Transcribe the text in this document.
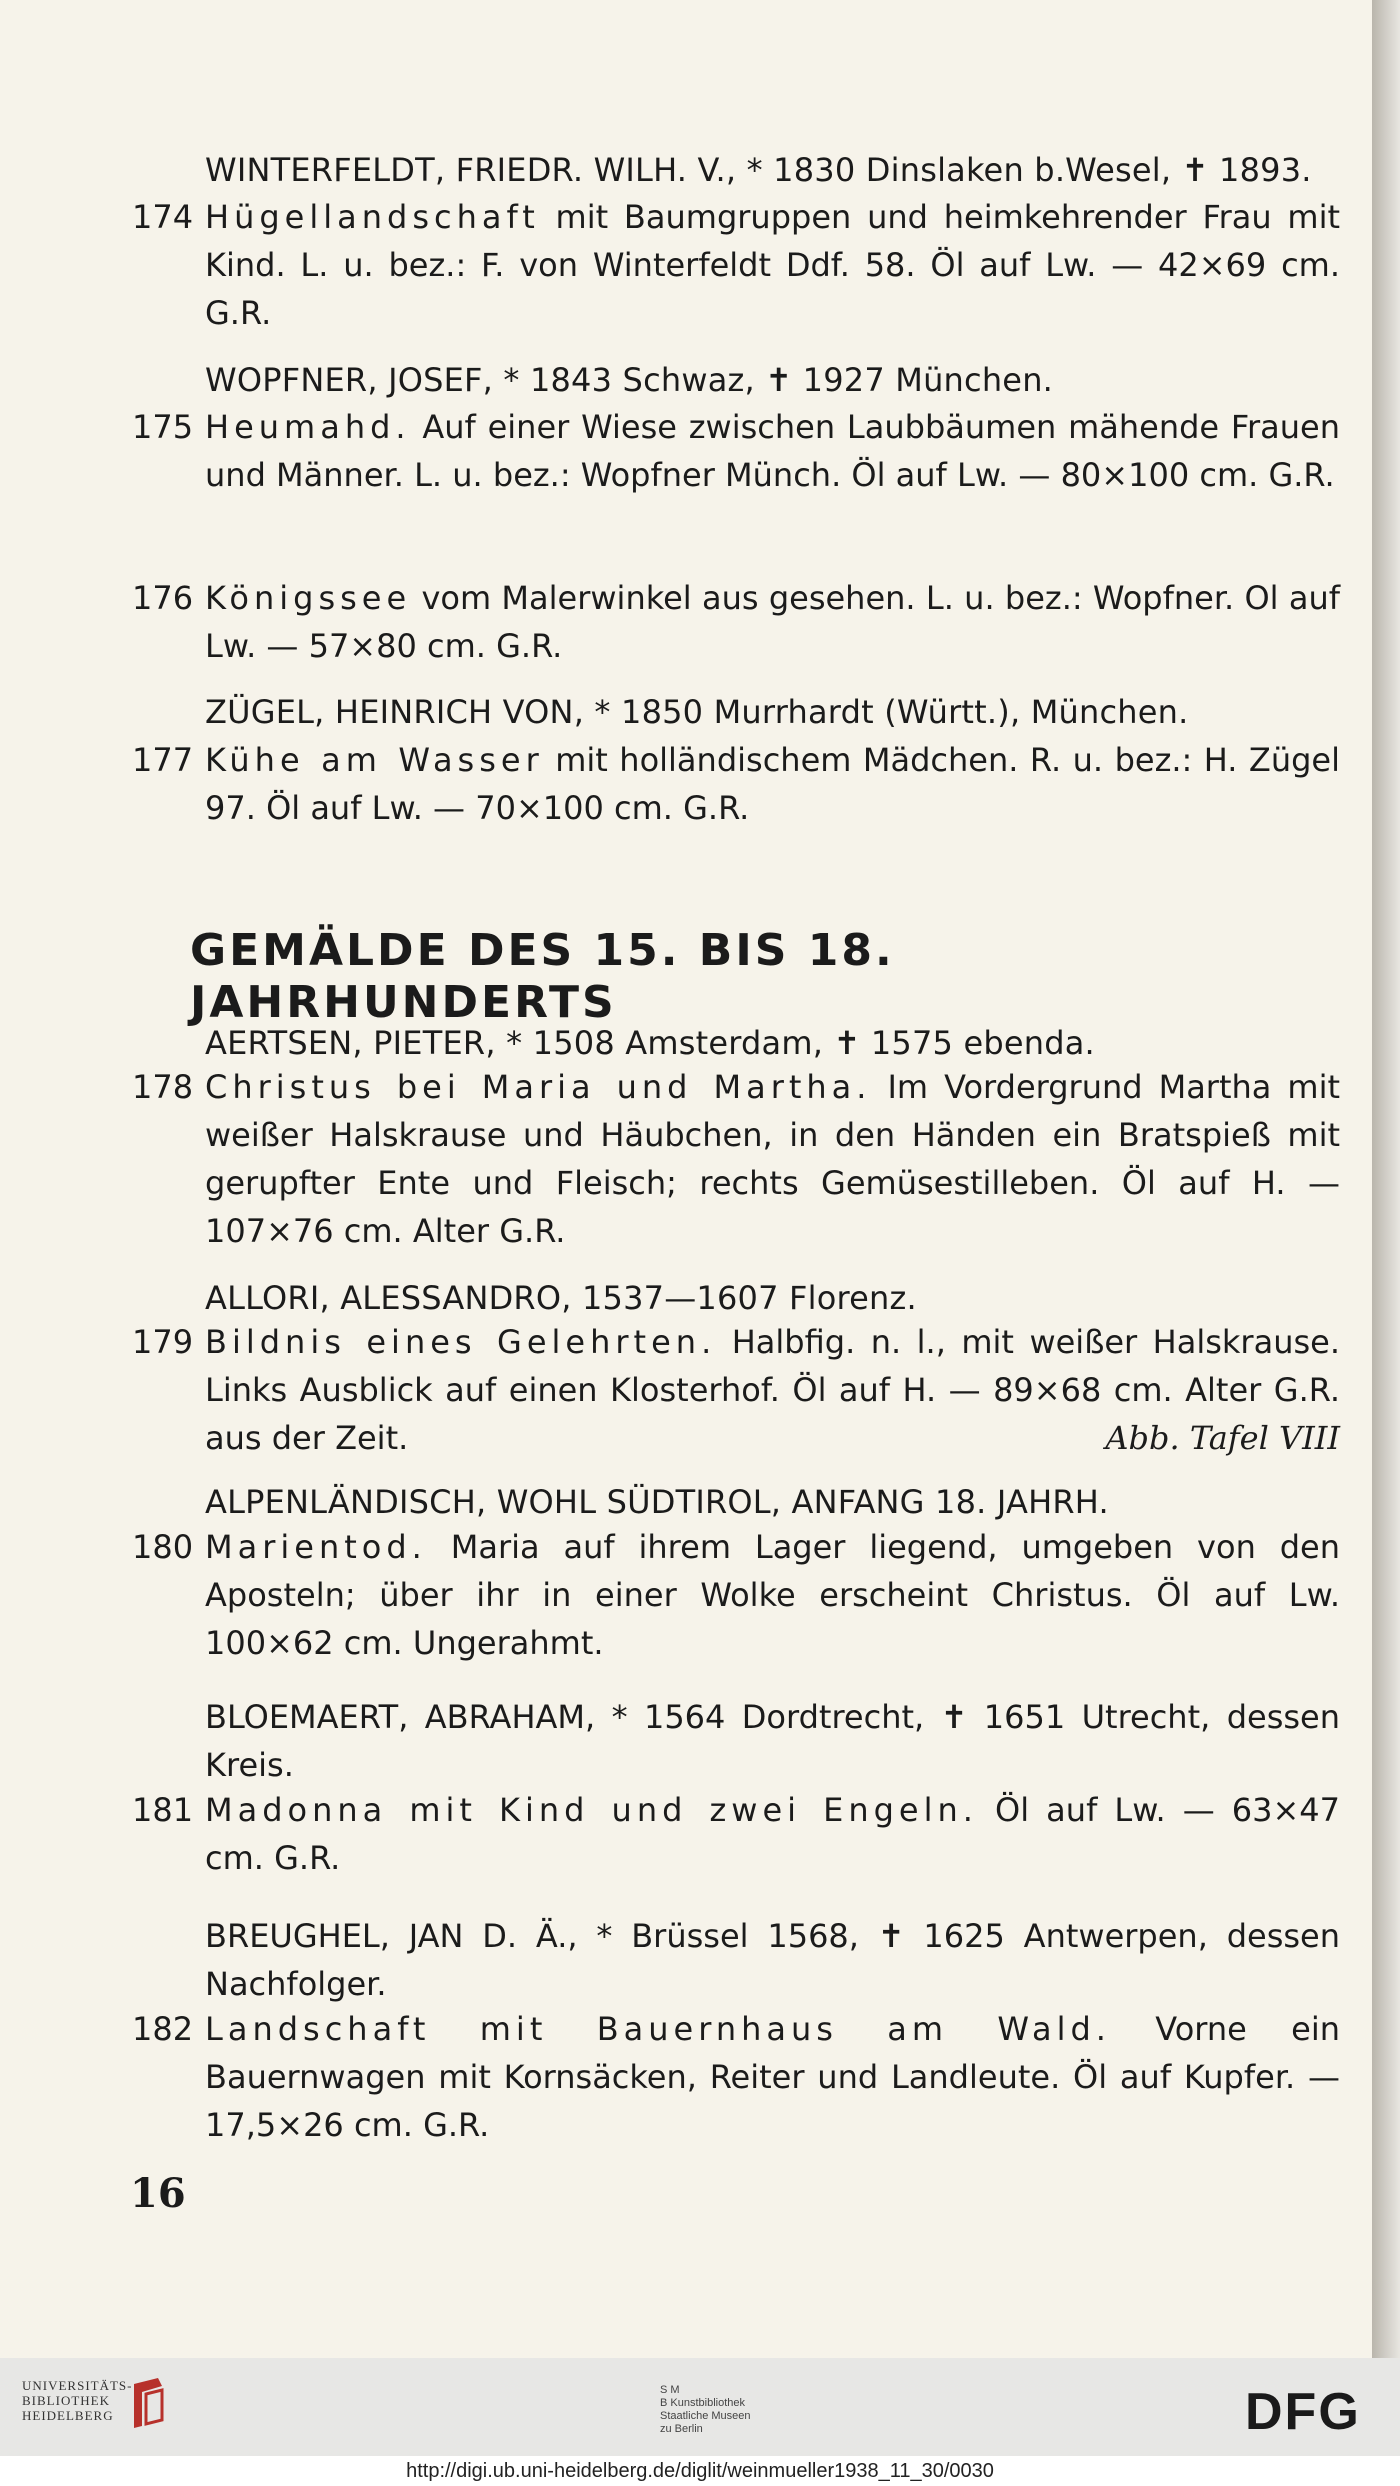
WINTERFELDT, FRIEDR. WILH. V., * 1830 Dinslaken b.Wesel, ✝ 1893.
174 Hügellandschaft mit Baumgruppen und heimkehrender Frau mit Kind. L. u. bez.: F. von Winterfeldt Ddf. 58. Öl auf Lw. — 42×69 cm. G.R.
WOPFNER, JOSEF, * 1843 Schwaz, ✝ 1927 München.
175 Heumahd. Auf einer Wiese zwischen Laubbäumen mähende Frauen und Männer. L. u. bez.: Wopfner Münch. Öl auf Lw. — 80×100 cm. G.R.
176 Königssee vom Malerwinkel aus gesehen. L. u. bez.: Wopfner. Ol auf Lw. — 57×80 cm. G.R.
ZÜGEL, HEINRICH VON, * 1850 Murrhardt (Württ.), München.
177 Kühe am Wasser mit holländischem Mädchen. R. u. bez.: H. Zügel 97. Öl auf Lw. — 70×100 cm. G.R.
GEMÄLDE DES 15. BIS 18. JAHRHUNDERTS
AERTSEN, PIETER, * 1508 Amsterdam, ✝ 1575 ebenda.
178 Christus bei Maria und Martha. Im Vordergrund Martha mit weißer Halskrause und Häubchen, in den Händen ein Bratspieß mit gerupfter Ente und Fleisch; rechts Gemüsestilleben. Öl auf H. — 107×76 cm. Alter G.R.
ALLORI, ALESSANDRO, 1537—1607 Florenz.
179 Bildnis eines Gelehrten. Halbfig. n. l., mit weißer Halskrause. Links Ausblick auf einen Klosterhof. Öl auf H. — 89×68 cm. Alter G.R. aus der Zeit.	Abb. Tafel VIII
ALPENLÄNDISCH, WOHL SÜDTIROL, ANFANG 18. JAHRH.
180 Marientod. Maria auf ihrem Lager liegend, umgeben von den Aposteln; über ihr in einer Wolke erscheint Christus. Öl auf Lw. 100×62 cm. Ungerahmt.
BLOEMAERT, ABRAHAM, * 1564 Dordtrecht, ✝ 1651 Utrecht, dessen Kreis.
181 Madonna mit Kind und zwei Engeln. Öl auf Lw. — 63×47 cm. G.R.
BREUGHEL, JAN D. Ä., * Brüssel 1568, ✝ 1625 Antwerpen, dessen Nachfolger.
182 Landschaft mit Bauernhaus am Wald. Vorne ein Bauernwagen mit Kornsäcken, Reiter und Landleute. Öl auf Kupfer. — 17,5×26 cm. G.R.
16
UNIVERSITÄTS-
BIBLIOTHEK
HEIDELBERG
S M
B Kunstbibliothek
Staatliche Museen
zu Berlin	DFG
http://digi.ub.uni-heidelberg.de/diglit/weinmueller1938_11_30/0030
